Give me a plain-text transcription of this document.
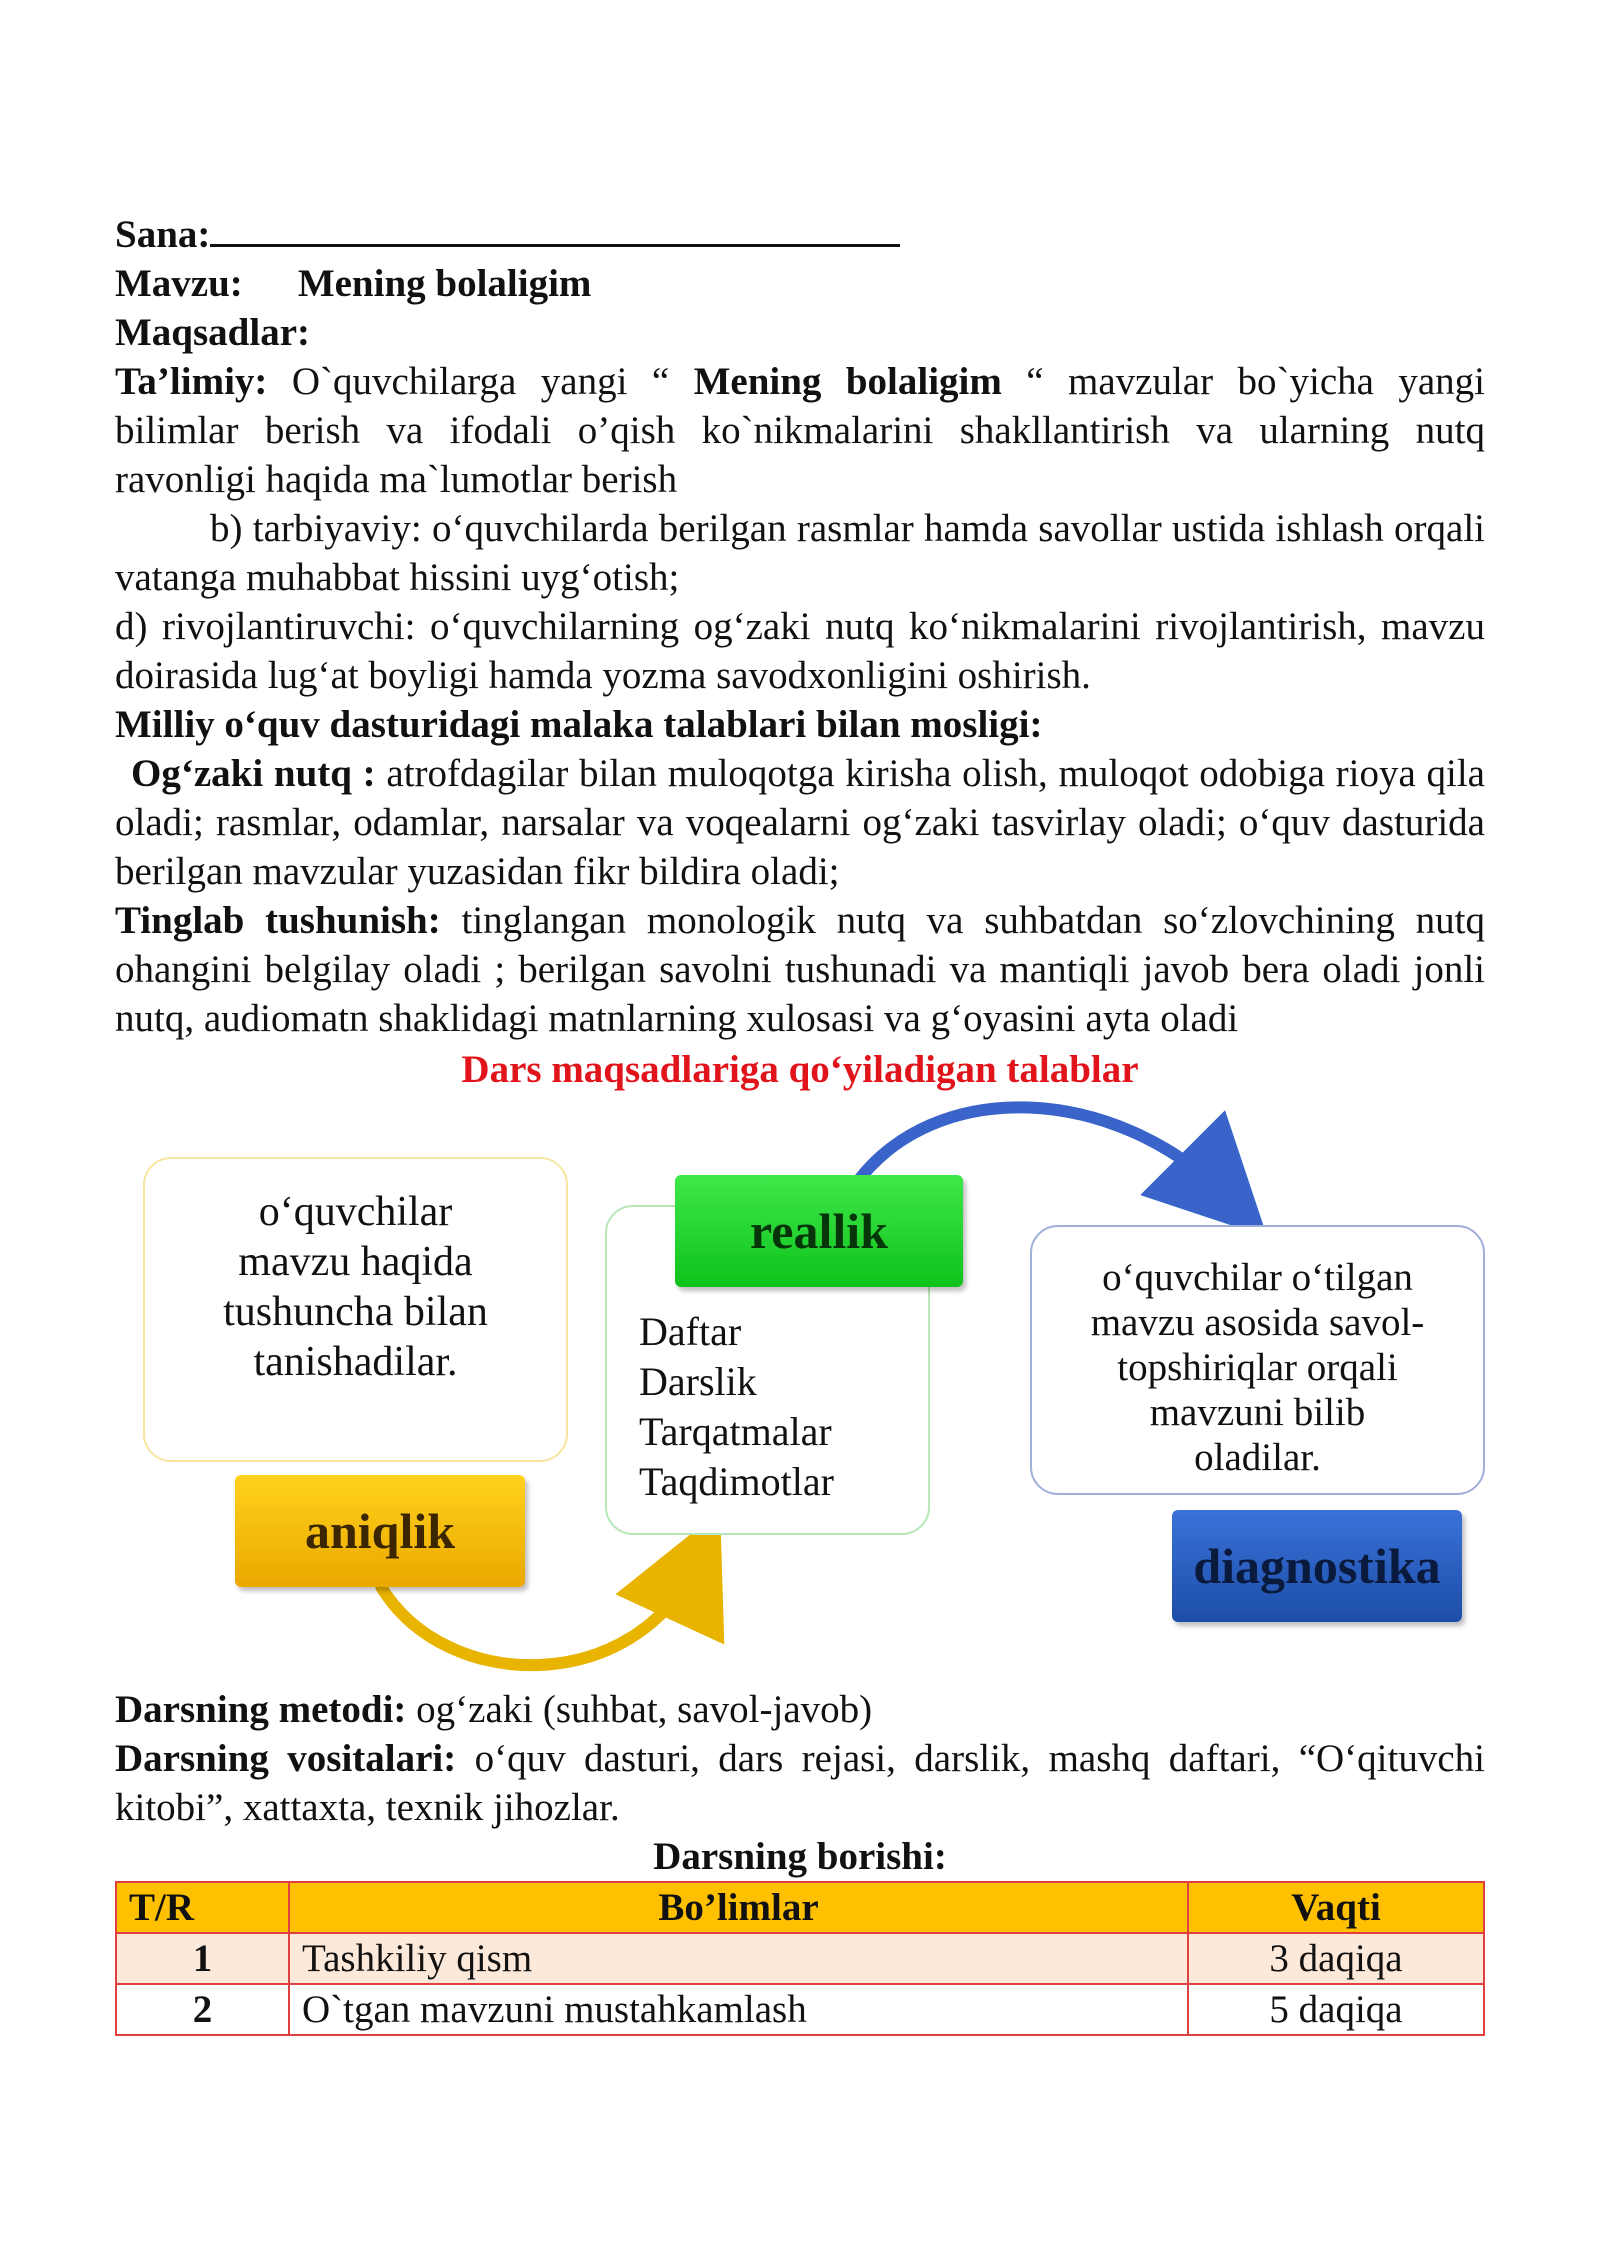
Sana:

Mavzu: Mening bolaligim

Maqsadlar:

Ta’limiy: O`quvchilarga yangi “ Mening bolaligim “ mavzular bo`yicha yangi bilimlar berish va ifodali o’qish ko`nikmalarini shakllantirish va ularning nutq ravonligi haqida ma`lumotlar berish

b) tarbiyaviy: o‘quvchilarda berilgan rasmlar hamda savollar ustida ishlash orqali vatanga muhabbat hissini uyg‘otish;

d) rivojlantiruvchi: o‘quvchilarning og‘zaki nutq ko‘nikmalarini rivojlantirish, mavzu doirasida lug‘at boyligi hamda yozma savodxonligini oshirish.

Milliy o‘quv dasturidagi malaka talablari bilan mosligi:

Og‘zaki nutq : atrofdagilar bilan muloqotga kirisha olish, muloqot odobiga rioya qila oladi; rasmlar, odamlar, narsalar va voqealarni og‘zaki tasvirlay oladi; o‘quv dasturida berilgan mavzular yuzasidan fikr bildira oladi;

Tinglab tushunish: tinglangan monologik nutq va suhbatdan so‘zlovchining nutq ohangini belgilay oladi ; berilgan savolni tushunadi va mantiqli javob bera oladi jonli nutq, audiomatn shaklidagi matnlarning xulosasi va g‘oyasini ayta oladi

Dars maqsadlariga qo‘yiladigan talablar

o‘quvchilar
mavzu haqida
tushuncha bilan
tanishadilar.
aniqlik
Daftar
Darslik
Tarqatmalar
Taqdimotlar
reallik
o‘quvchilar o‘tilgan
mavzu asosida savol-
topshiriqlar orqali
mavzuni bilib
oladilar.
diagnostika

Darsning metodi: og‘zaki (suhbat, savol-javob)

Darsning vositalari: o‘quv dasturi, dars rejasi, darslik, mashq daftari, “O‘qituvchi kitobi”, xattaxta, texnik jihozlar.

Darsning borishi:

T/R	Bo’limlar	Vaqti
1	Tashkiliy qism	3 daqiqa
2	O`tgan mavzuni mustahkamlash	5 daqiqa
